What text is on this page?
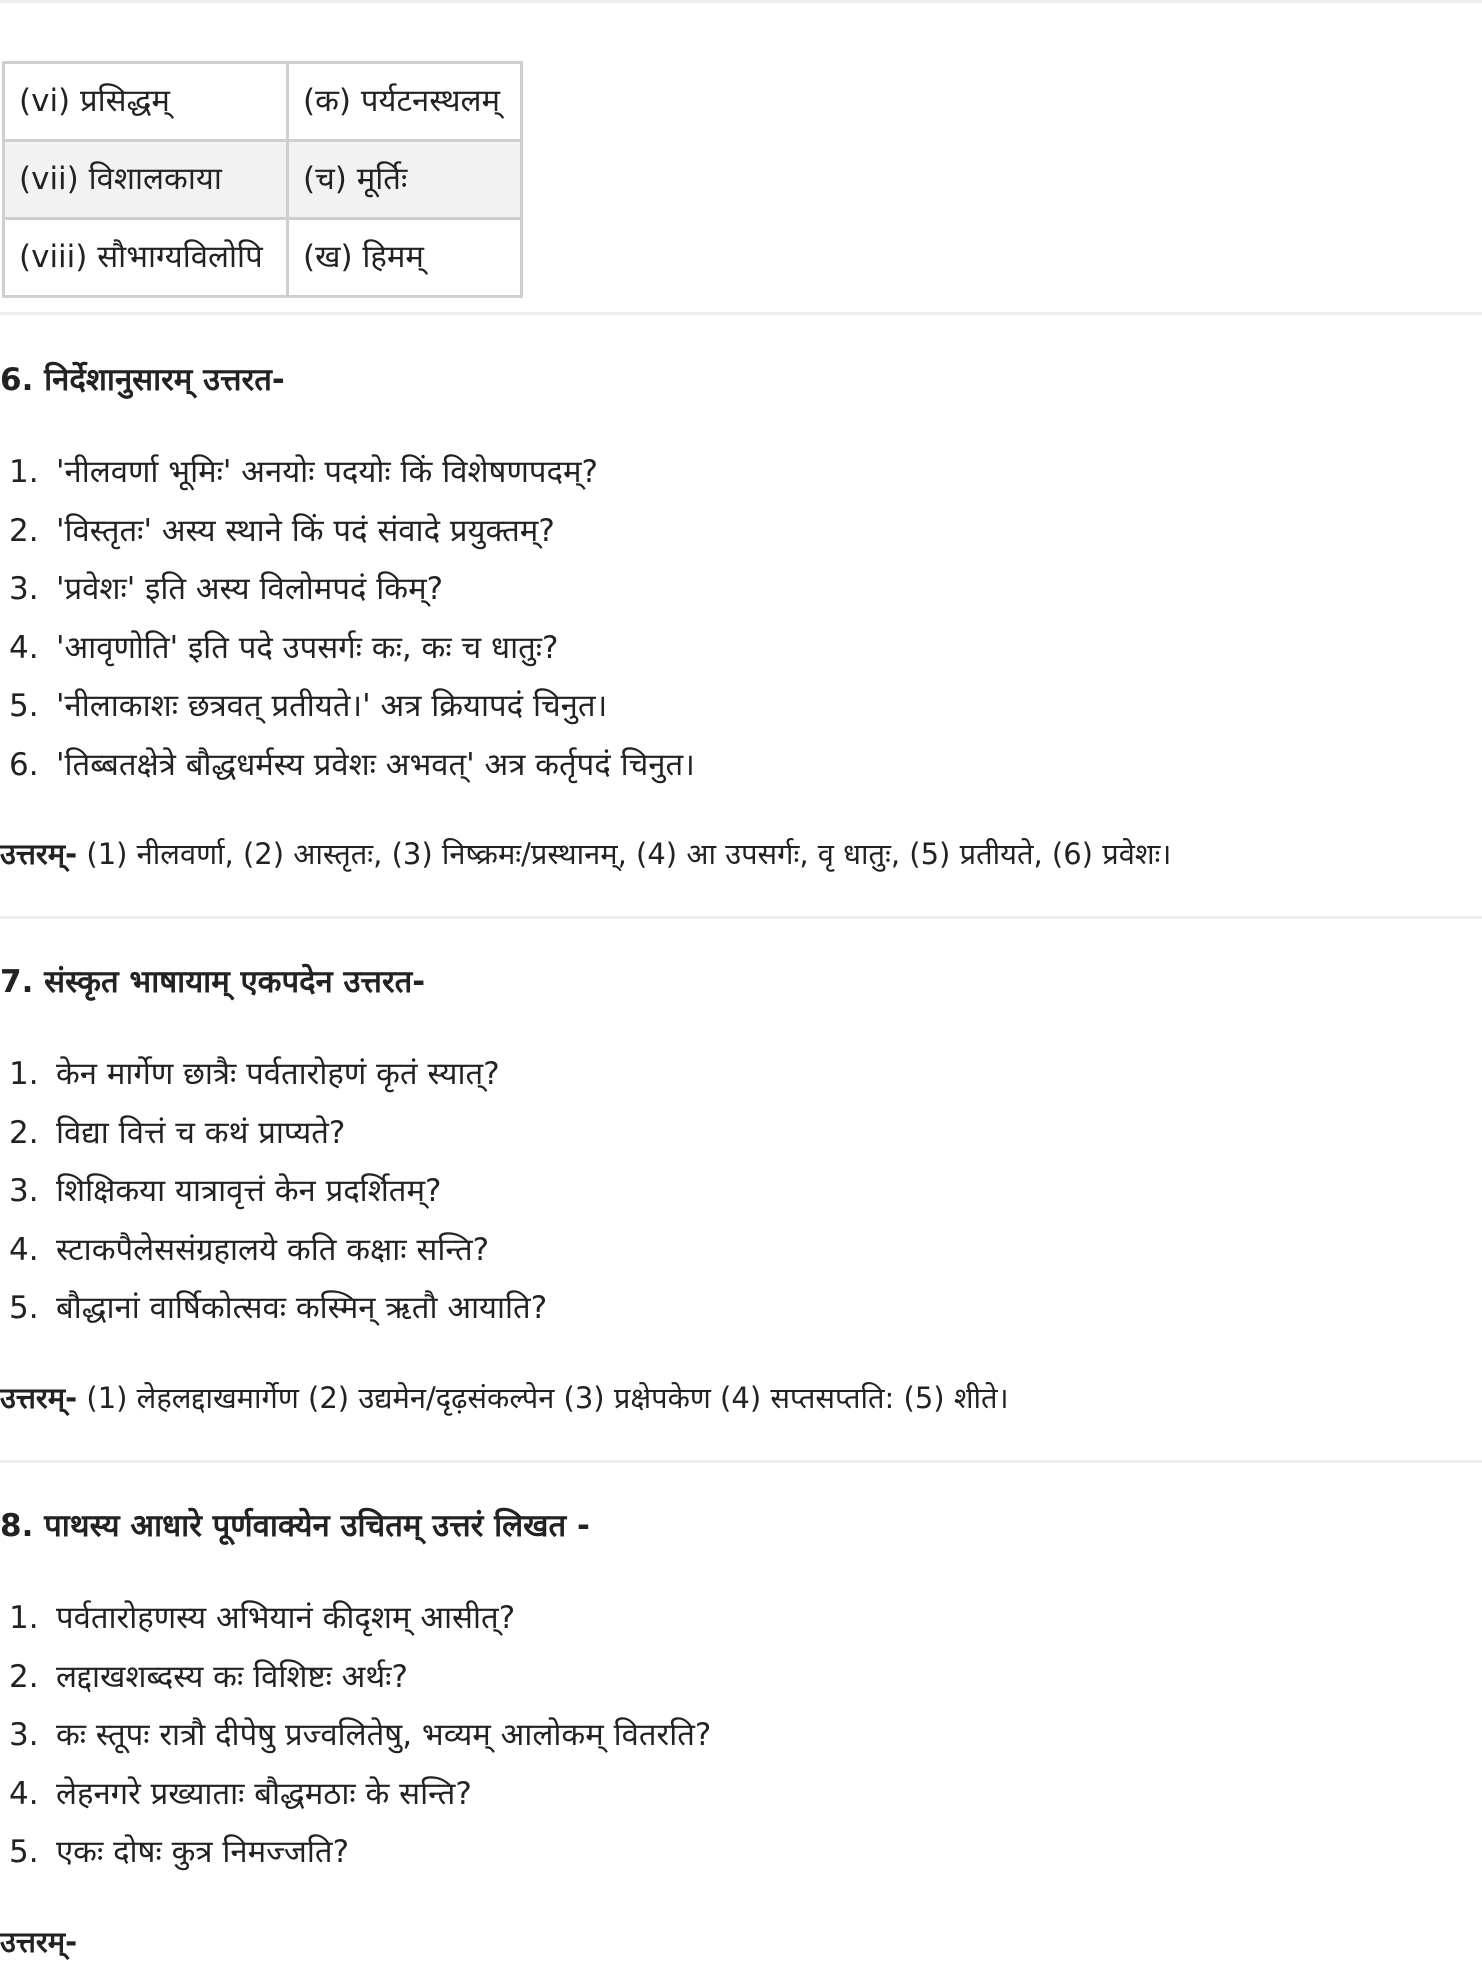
(vi) प्रसिद्धम्	(क) पर्यटनस्थलम्
(vii) विशालकाया	(च) मूर्तिः
(viii) सौभाग्यविलोपि	(ख) हिमम्
6. निर्देशानुसारम् उत्तरत-
1. 'नीलवर्णा भूमिः' अनयोः पदयोः किं विशेषणपदम्?
2. 'विस्तृतः' अस्य स्थाने किं पदं संवादे प्रयुक्तम्?
3. 'प्रवेशः' इति अस्य विलोमपदं किम्?
4. 'आवृणोति' इति पदे उपसर्गः कः, कः च धातुः?
5. 'नीलाकाशः छत्रवत् प्रतीयते।' अत्र क्रियापदं चिनुत।
6. 'तिब्बतक्षेत्रे बौद्धधर्मस्य प्रवेशः अभवत्' अत्र कर्तृपदं चिनुत।
उत्तरम्- (1) नीलवर्णा, (2) आस्तृतः, (3) निष्क्रमः/प्रस्थानम्, (4) आ उपसर्गः, वृ धातुः, (5) प्रतीयते, (6) प्रवेशः।
7. संस्कृत भाषायाम् एकपदेन उत्तरत-
1. केन मार्गेण छात्रैः पर्वतारोहणं कृतं स्यात्?
2. विद्या वित्तं च कथं प्राप्यते?
3. शिक्षिकया यात्रावृत्तं केन प्रदर्शितम्?
4. स्टाकपैलेससंग्रहालये कति कक्षाः सन्ति?
5. बौद्धानां वार्षिकोत्सवः कस्मिन् ऋतौ आयाति?
उत्तरम्- (1) लेहलद्दाखमार्गेण (2) उद्यमेन/दृढ़संकल्पेन (3) प्रक्षेपकेण (4) सप्तसप्तति: (5) शीते।
8. पाथस्य आधारे पूर्णवाक्येन उचितम् उत्तरं लिखत -
1. पर्वतारोहणस्य अभियानं कीदृशम् आसीत्?
2. लद्दाखशब्दस्य कः विशिष्टः अर्थः?
3. कः स्तूपः रात्रौ दीपेषु प्रज्वलितेषु, भव्यम् आलोकम् वितरति?
4. लेहनगरे प्रख्याताः बौद्धमठाः के सन्ति?
5. एकः दोषः कुत्र निमज्जति?
उत्तरम्-
